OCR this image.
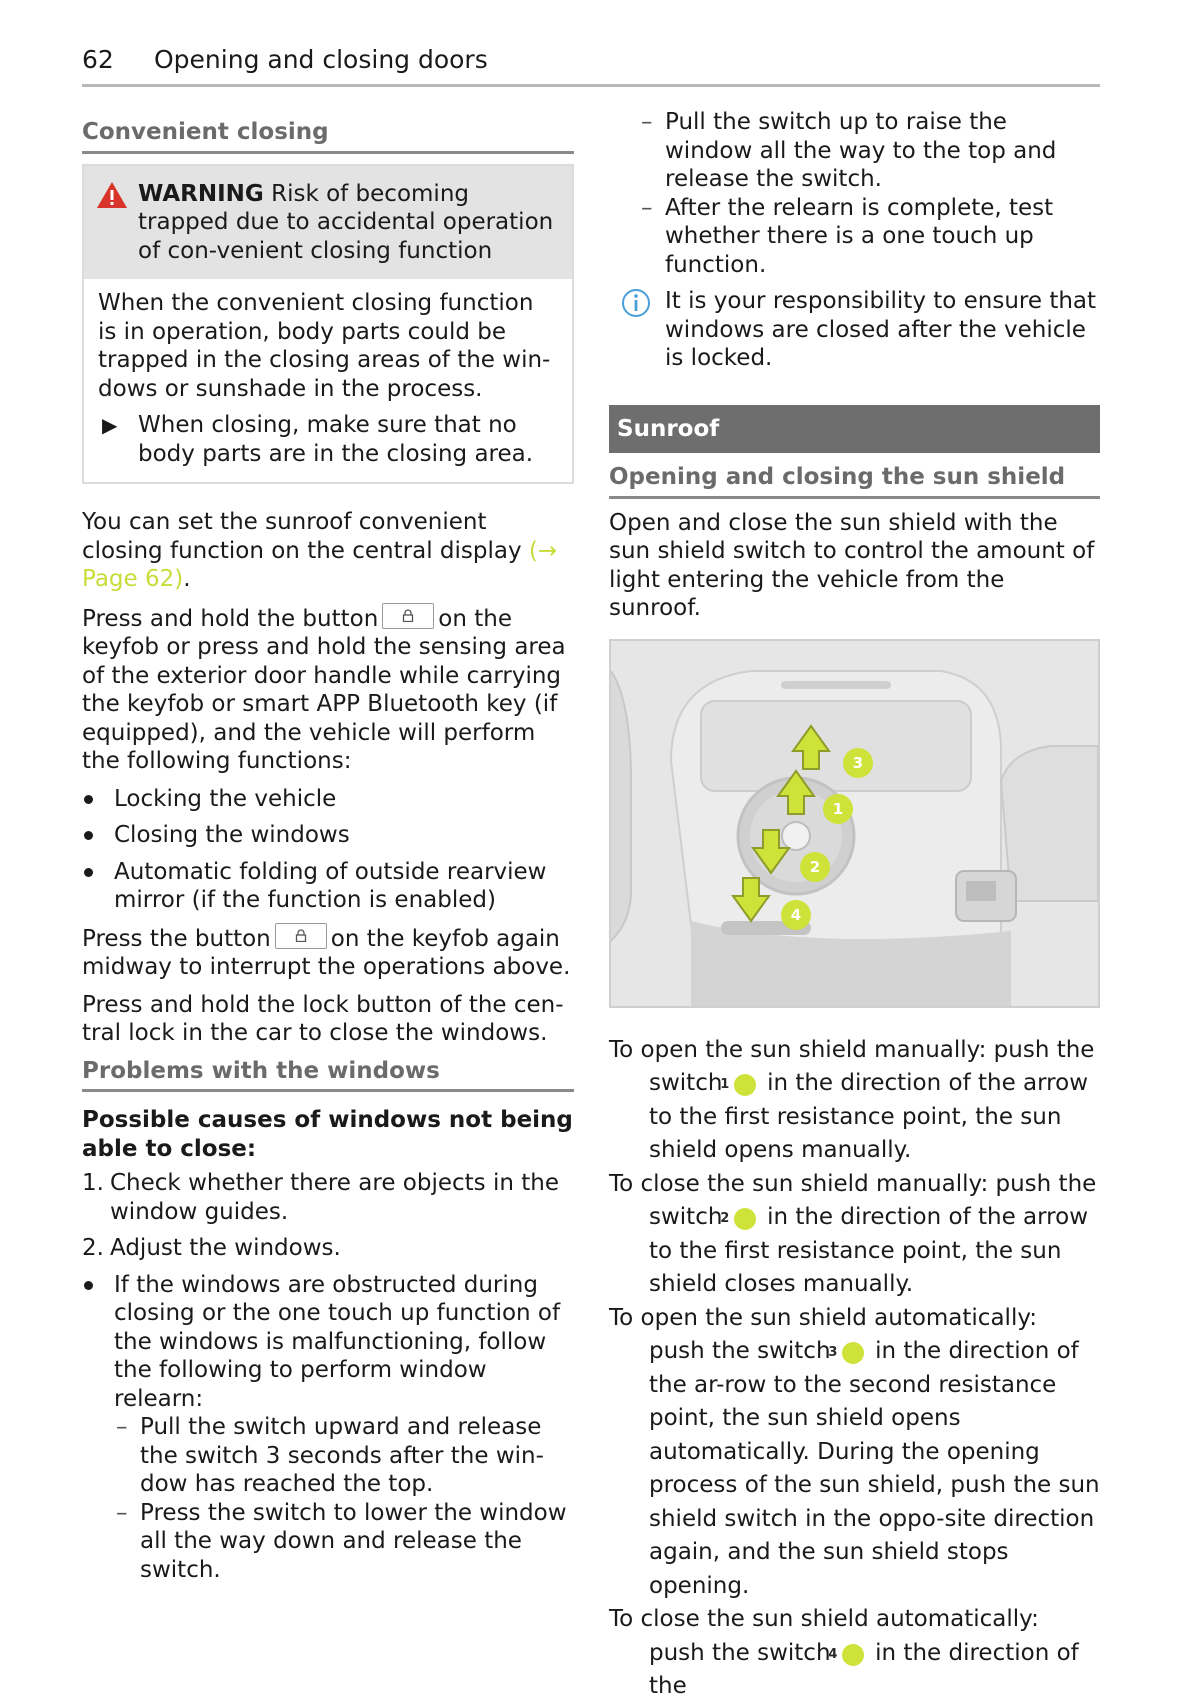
62 Opening and closing doors
Convenient closing
WARNING Risk of becoming trapped due to accidental operation of con-venient closing function
When the convenient closing function is in operation, body parts could be trapped in the closing areas of the win-dows or sunshade in the process.
▶ When closing, make sure that no body parts are in the closing area.

You can set the sunroof convenient closing function on the central display (→ Page 62).

Press and hold the button	on the keyfob or press and hold the sensing area of the exterior door handle while carrying the keyfob or smart APP Bluetooth key (if equipped), and the vehicle will perform the following functions:

Locking the vehicle
Closing the windows
Automatic folding of outside rearview mirror (if the function is enabled)

Press the button	on the keyfob again midway to interrupt the operations above.

Press and hold the lock button of the cen-tral lock in the car to close the windows.

Problems with the windows
Possible causes of windows not being able to close:
1. Check whether there are objects in the window guides.
2. Adjust the windows.
If the windows are obstructed during closing or the one touch up function of the windows is malfunctioning, follow the following to perform window relearn:
– Pull the switch upward and release the switch 3 seconds after the win-dow has reached the top.
– Press the switch to lower the window all the way down and release the switch.
– Pull the switch up to raise the window all the way to the top and release the switch.
– After the relearn is complete, test whether there is a one touch up function.
It is your responsibility to ensure that windows are closed after the vehicle is locked.
Sunroof
Opening and closing the sun shield

Open and close the sun shield with the sun shield switch to control the amount of light entering the vehicle from the sunroof.

3
1
2
4

To open the sun shield manually: push the switch 1 in the direction of the arrow to the first resistance point, the sun shield opens manually.

To close the sun shield manually: push the switch 2 in the direction of the arrow to the first resistance point, the sun shield closes manually.

To open the sun shield automatically: push the switch 3 in the direction of the ar-row to the second resistance point, the sun shield opens automatically. During the opening process of the sun shield, push the sun shield switch in the oppo-site direction again, and the sun shield stops opening.

To close the sun shield automatically: push the switch 4 in the direction of the
